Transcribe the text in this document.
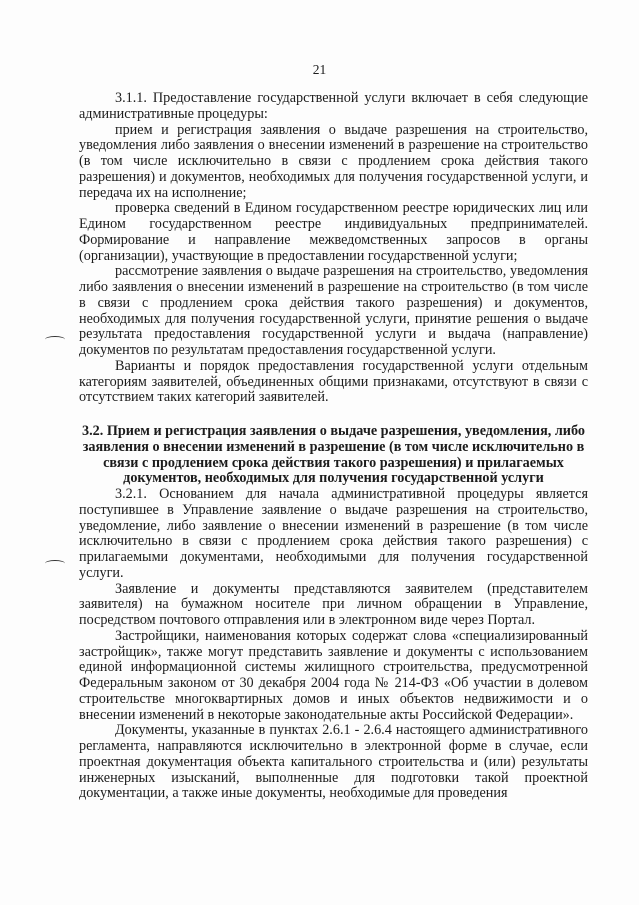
21

3.1.1. Предоставление государственной услуги включает в себя следующие административные процедуры:

прием и регистрация заявления о выдаче разрешения на строительство, уведомления либо заявления о внесении изменений в разрешение на строительство (в том числе исключительно в связи с продлением срока действия такого разрешения) и документов, необходимых для получения государственной услуги, и передача их на исполнение;

проверка сведений в Едином государственном реестре юридических лиц или Едином государственном реестре индивидуальных предпринимателей. Формирование и направление межведомственных запросов в органы (организации), участвующие в предоставлении государственной услуги;

рассмотрение заявления о выдаче разрешения на строительство, уведомления либо заявления о внесении изменений в разрешение на строительство (в том числе в связи с продлением срока действия такого разрешения) и документов, необходимых для получения государственной услуги, принятие решения о выдаче результата предоставления государственной услуги и выдача (направление) документов по результатам предоставления государственной услуги.

Варианты и порядок предоставления государственной услуги отдельным категориям заявителей, объединенных общими признаками, отсутствуют в связи с отсутствием таких категорий заявителей.

3.2. Прием и регистрация заявления о выдаче разрешения, уведомления, либо заявления о внесении изменений в разрешение (в том числе исключительно в связи с продлением срока действия такого разрешения) и прилагаемых документов, необходимых для получения государственной услуги

3.2.1. Основанием для начала административной процедуры является поступившее в Управление заявление о выдаче разрешения на строительство, уведомление, либо заявление о внесении изменений в разрешение (в том числе исключительно в связи с продлением срока действия такого разрешения) с прилагаемыми документами, необходимыми для получения государственной услуги.

Заявление и документы представляются заявителем (представителем заявителя) на бумажном носителе при личном обращении в Управление, посредством почтового отправления или в электронном виде через Портал.

Застройщики, наименования которых содержат слова «специализированный застройщик», также могут представить заявление и документы с использованием единой информационной системы жилищного строительства, предусмотренной Федеральным законом от 30 декабря 2004 года № 214-ФЗ «Об участии в долевом строительстве многоквартирных домов и иных объектов недвижимости и о внесении изменений в некоторые законодательные акты Российской Федерации».

Документы, указанные в пунктах 2.6.1 - 2.6.4 настоящего административного регламента, направляются исключительно в электронной форме в случае, если проектная документация объекта капитального строительства и (или) результаты инженерных изысканий, выполненные для подготовки такой проектной документации, а также иные документы, необходимые для проведения
